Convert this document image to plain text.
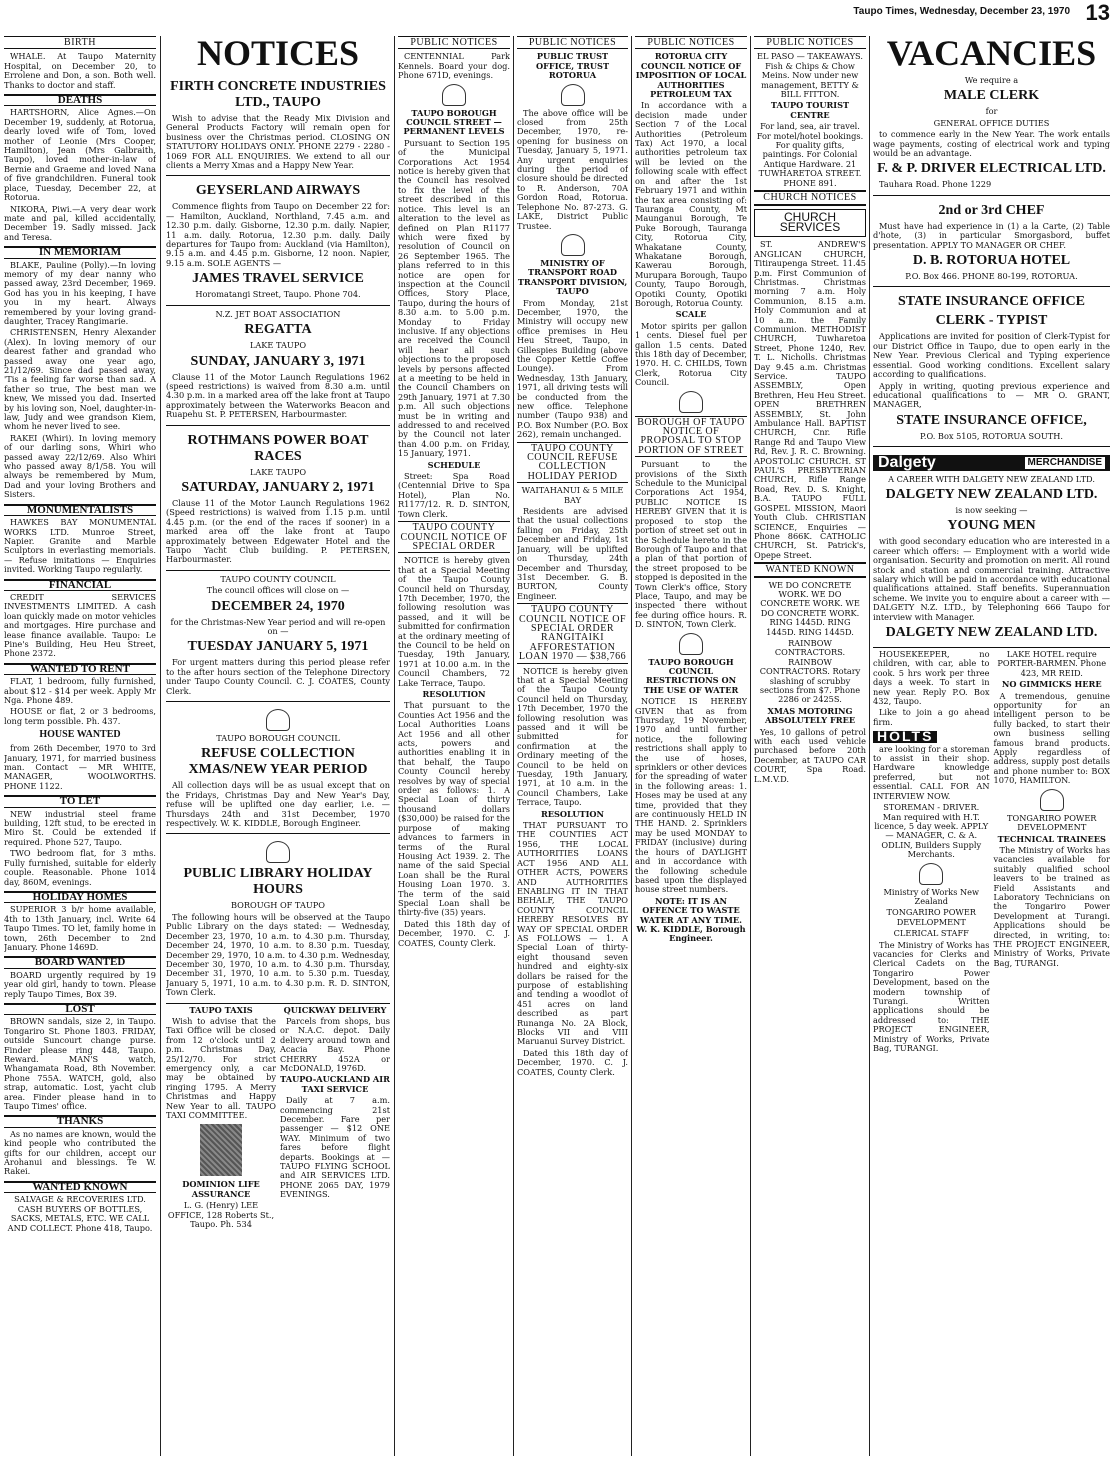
Taupo Times, Wednesday, December 23, 1970 13
BIRTH

WHALE. At Taupo Maternity Hospital, on December 20, to Errolene and Don, a son. Both well. Thanks to doctor and staff.

DEATHS

HARTSHORN, Alice Agnes.—On December 19, suddenly, at Rotorua, dearly loved wife of Tom, loved mother of Leonie (Mrs Cooper, Hamilton), Jean (Mrs Galbraith, Taupo), loved mother-in-law of Bernie and Graeme and loved Nana of five grandchildren. Funeral took place, Tuesday, December 22, at Rotorua.

NIKORA, Piwi.—A very dear work mate and pal, killed accidentally, December 19. Sadly missed. Jack and Teresa.

IN MEMORIAM

BLAKE, Pauline (Polly).—In loving memory of my dear nanny who passed away, 23rd December, 1969. God has you in his keeping, I have you in my heart. Always remembered by your loving grand-daughter, Tracey Rangimarie.

CHRISTENSEN, Henry Alexander (Alex). In loving memory of our dearest father and grandad who passed away one year ago, 21/12/69. Since dad passed away, 'Tis a feeling far worse than sad. A father so true, The best man we knew, We missed you dad. Inserted by his loving son, Noel, daughter-in-law, Judy and wee grandson Kiem, whom he never lived to see.

RAKEI (Whiri). In loving memory of our darling sons, Whiri who passed away 22/12/69. Also Whiri who passed away 8/1/58. You will always be remembered by Mum, Dad and your loving Brothers and Sisters.

MONUMENTALISTS

HAWKES BAY MONUMENTAL WORKS LTD. Munroe Street, Napier. Granite and Marble Sculptors in everlasting memorials. — Refuse imitations — Enquiries invited. Working Taupo regularly.

FINANCIAL

CREDIT SERVICES INVESTMENTS LIMITED. A cash loan quickly made on motor vehicles and mortgages. Hire purchase and lease finance available. Taupo: Le Pine's Building, Heu Heu Street, Phone 2372.

WANTED TO RENT

FLAT, 1 bedroom, fully furnished, about $12 - $14 per week. Apply Mr Nga. Phone 489.

HOUSE or flat, 2 or 3 bedrooms, long term possible. Ph. 437.

HOUSE WANTED

from 26th December, 1970 to 3rd January, 1971, for married business man. Contact — MR WHITE, MANAGER, WOOLWORTHS. PHONE 1122.

TO LET

NEW industrial steel frame building, 12ft stud, to be erected in Miro St. Could be extended if required. Phone 527, Taupo.

TWO bedroom flat, for 3 mths. Fully furnished, suitable for elderly couple. Reasonable. Phone 1014 day, 860M, evenings.

HOLIDAY HOMES

SUPERIOR 3 b/r home available, 4th to 13th January, incl. Write 64 Taupo Times. TO let, family home in town, 26th December to 2nd January. Phone 1469D.

BOARD WANTED

BOARD urgently required by 19 year old girl, handy to town. Please reply Taupo Times, Box 39.

LOST

BROWN sandals, size 2, in Taupo. Tongariro St. Phone 1803. FRIDAY, outside Suncourt change purse. Finder please ring 448, Taupo. Reward. MAN'S watch, Whangamata Road, 8th November. Phone 755A. WATCH, gold, also strap, automatic. Lost, yacht club area. Finder please hand in to Taupo Times' office.

THANKS

As no names are known, would the kind people who contributed the gifts for our children, accept our Arohanui and blessings. Te W. Rakei.

WANTED KNOWN

SALVAGE & RECOVERIES LTD. CASH BUYERS OF BOTTLES, SACKS, METALS, ETC. WE CALL AND COLLECT. Phone 418, Taupo.

NOTICES
FIRTH CONCRETE INDUSTRIES LTD., TAUPO

Wish to advise that the Ready Mix Division and General Products Factory will remain open for business over the Christmas period. CLOSING ON STATUTORY HOLIDAYS ONLY. PHONE 2279 - 2280 - 1069 FOR ALL ENQUIRIES. We extend to all our clients a Merry Xmas and a Happy New Year.

GEYSERLAND AIRWAYS

Commence flights from Taupo on December 22 for: — Hamilton, Auckland, Northland, 7.45 a.m. and 12.30 p.m. daily. Gisborne, 12.30 p.m. daily. Napier, 11 a.m. daily. Rotorua, 12.30 p.m. daily. Daily departures for Taupo from: Auckland (via Hamilton), 9.15 a.m. and 4.45 p.m. Gisborne, 12 noon. Napier, 9.15 a.m. SOLE AGENTS —

JAMES TRAVEL SERVICE

Horomatangi Street, Taupo. Phone 704.

N.Z. JET BOAT ASSOCIATION

REGATTA

LAKE TAUPO

SUNDAY, JANUARY 3, 1971

Clause 11 of the Motor Launch Regulations 1962 (speed restrictions) is waived from 8.30 a.m. until 4.30 p.m. in a marked area off the lake front at Taupo approximately between the Waterworks Beacon and Ruapehu St. P. PETERSEN, Harbourmaster.

ROTHMANS POWER BOAT RACES

LAKE TAUPO

SATURDAY, JANUARY 2, 1971

Clause 11 of the Motor Launch Regulations 1962 (Speed restrictions) is waived from 1.15 p.m. until 4.45 p.m. (or the end of the races if sooner) in a marked area off the lake front at Taupo approximately between Edgewater Hotel and the Taupo Yacht Club building. P. PETERSEN, Harbourmaster.

TAUPO COUNTY COUNCIL

The council offices will close on —

DECEMBER 24, 1970

for the Christmas-New Year period and will re-open on —

TUESDAY JANUARY 5, 1971

For urgent matters during this period please refer to the after hours section of the Telephone Directory under Taupo County Council. C. J. COATES, County Clerk.

TAUPO BOROUGH COUNCIL

REFUSE COLLECTION XMAS/NEW YEAR PERIOD

All collection days will be as usual except that on the Fridays, Christmas Day and New Year's Day, refuse will be uplifted one day earlier, i.e. — Thursdays 24th and 31st December, 1970 respectively. W. K. KIDDLE, Borough Engineer.

PUBLIC LIBRARY HOLIDAY HOURS

BOROUGH OF TAUPO

The following hours will be observed at the Taupo Public Library on the days stated: — Wednesday, December 23, 1970, 10 a.m. to 4.30 p.m. Thursday, December 24, 1970, 10 a.m. to 8.30 p.m. Tuesday, December 29, 1970, 10 a.m. to 4.30 p.m. Wednesday, December 30, 1970, 10 a.m. to 4.30 p.m. Thursday, December 31, 1970, 10 a.m. to 5.30 p.m. Tuesday, January 5, 1971, 10 a.m. to 4.30 p.m. R. D. SINTON, Town Clerk.

TAUPO TAXIS

Wish to advise that the Taxi Office will be closed from 12 o'clock until 2 p.m. Christmas Day, 25/12/70. For strict emergency only, a car may be obtained by ringing 1795. A Merry Christmas and Happy New Year to all. TAUPO TAXI COMMITTEE.

DOMINION LIFE ASSURANCE

L. G. (Henry) LEE OFFICE, 128 Roberts St., Taupo. Ph. 534

QUICKWAY DELIVERY

Parcels from shops, bus or N.A.C. depot. Daily delivery around town and Acacia Bay. Phone CHERRY 452A or McDONALD, 1976D.

TAUPO-AUCKLAND AIR TAXI SERVICE

Daily at 7 a.m. commencing 21st December. Fare per passenger — $12 ONE WAY. Minimum of two fares before flight departs. Bookings at — TAUPO FLYING SCHOOL and AIR SERVICES LTD. PHONE 2065 DAY, 1979 EVENINGS.

PUBLIC NOTICES

CENTENNIAL Park Kennels. Board your dog. Phone 671D, evenings.

TAUPO BOROUGH COUNCIL STREET — PERMANENT LEVELS

Pursuant to Section 195 of the Municipal Corporations Act 1954 notice is hereby given that the Council has resolved to fix the level of the street described in this notice. This level is an alteration to the level as defined on Plan R1177 which were fixed by resolution of Council on 26 September 1965. The plans referred to in this notice are open for inspection at the Council Offices, Story Place, Taupo, during the hours of 8.30 a.m. to 5.00 p.m. Monday to Friday inclusive. If any objections are received the Council will hear all such objections to the proposed levels by persons affected at a meeting to be held in the Council Chambers on 29th January, 1971 at 7.30 p.m. All such objections must be in writing and addressed to and received by the Council not later than 4.00 p.m. on Friday, 15 January, 1971.

SCHEDULE

Street: Spa Road (Centennial Drive to Spa Hotel), Plan No. R1177/12. R. D. SINTON, Town Clerk.

TAUPO COUNTY COUNCIL NOTICE OF SPECIAL ORDER

NOTICE is hereby given that at a Special Meeting of the Taupo County Council held on Thursday, 17th December, 1970, the following resolution was passed, and it will be submitted for confirmation at the ordinary meeting of the Council to be held on Tuesday, 19th January, 1971 at 10.00 a.m. in the Council Chambers, 72 Lake Terrace, Taupo.

RESOLUTION

That pursuant to the Counties Act 1956 and the Local Authorities Loans Act 1956 and all other acts, powers and authorities enabling it in that behalf, the Taupo County Council hereby resolves by way of special order as follows: 1. A Special Loan of thirty thousand dollars ($30,000) be raised for the purpose of making advances to farmers in terms of the Rural Housing Act 1939. 2. The name of the said Special Loan shall be the Rural Housing Loan 1970. 3. The term of the said Special Loan shall be thirty-five (35) years.

Dated this 18th day of December, 1970. C. J. COATES, County Clerk.

PUBLIC NOTICES

PUBLIC TRUST OFFICE, TRUST ROTORUA

The above office will be closed from 25th December, 1970, re-opening for business on Tuesday, January 5, 1971. Any urgent enquiries during the period of closure should be directed to R. Anderson, 70A Gordon Road, Rotorua. Telephone No. 87-273. G. LAKE, District Public Trustee.

MINISTRY OF TRANSPORT ROAD TRANSPORT DIVISION, TAUPO

From Monday, 21st December, 1970, the Ministry will occupy new office premises in Heu Heu Street, Taupo, in Gillespies Building (above the Copper Kettle Coffee Lounge). From Wednesday, 13th January, 1971, all driving tests will be conducted from the new office. Telephone number (Taupo 938) and P.O. Box Number (P.O. Box 262), remain unchanged.

TAUPO COUNTY COUNCIL REFUSE COLLECTION HOLIDAY PERIOD

WAITAHANUI & 5 MILE BAY

Residents are advised that the usual collections falling on Friday, 25th December and Friday, 1st January, will be uplifted on Thursday, 24th December and Thursday, 31st December. G. B. BURTON, County Engineer.

TAUPO COUNTY COUNCIL NOTICE OF SPECIAL ORDER RANGITAIKI AFFORESTATION LOAN 1970 — $38,766

NOTICE is hereby given that at a Special Meeting of the Taupo County Council held on Thursday, 17th December, 1970 the following resolution was passed and it will be submitted for confirmation at the Ordinary meeting of the Council to be held on Tuesday, 19th January, 1971, at 10 a.m. in the Council Chambers, Lake Terrace, Taupo.

RESOLUTION

THAT PURSUANT TO THE COUNTIES ACT 1956, THE LOCAL AUTHORITIES LOANS ACT 1956 AND ALL OTHER ACTS, POWERS AND AUTHORITIES ENABLING IT IN THAT BEHALF, THE TAUPO COUNTY COUNCIL HEREBY RESOLVES BY WAY OF SPECIAL ORDER AS FOLLOWS — 1. A Special Loan of thirty-eight thousand seven hundred and eighty-six dollars be raised for the purpose of establishing and tending a woodlot of 451 acres on land described as part Runanga No. 2A Block, Blocks VII and VIII Maruanui Survey District.

Dated this 18th day of December, 1970. C. J. COATES, County Clerk.

PUBLIC NOTICES

ROTORUA CITY COUNCIL NOTICE OF IMPOSITION OF LOCAL AUTHORITIES PETROLEUM TAX

In accordance with a decision made under Section 7 of the Local Authorities (Petroleum Tax) Act 1970, a local authorities petroleum tax will be levied on the following scale with effect on and after the 1st February 1971 and within the tax area consisting of: Tauranga County, Mt Maunganui Borough, Te Puke Borough, Tauranga City, Rotorua City, Whakatane County, Whakatane Borough, Kawerau Borough, Murupara Borough, Taupo County, Taupo Borough, Opotiki County, Opotiki Borough, Rotorua County.

SCALE

Motor spirits per gallon 1 cents. Diesel fuel per gallon 1.5 cents. Dated this 18th day of December, 1970. H. C. CHILDS, Town Clerk, Rotorua City Council.

BOROUGH OF TAUPO NOTICE OF PROPOSAL TO STOP PORTION OF STREET

Pursuant to the provisions of the Sixth Schedule to the Municipal Corporations Act 1954, PUBLIC NOTICE IS HEREBY GIVEN that it is proposed to stop the portion of street set out in the Schedule hereto in the Borough of Taupo and that a plan of that portion of the street proposed to be stopped is deposited in the Town Clerk's office, Story Place, Taupo, and may be inspected there without fee during office hours. R. D. SINTON, Town Clerk.

TAUPO BOROUGH COUNCIL RESTRICTIONS ON THE USE OF WATER

NOTICE IS HEREBY GIVEN that as from Thursday, 19 November, 1970 and until further notice, the following restrictions shall apply to the use of hoses, sprinklers or other devices for the spreading of water in the following areas: 1. Hoses may be used at any time, provided that they are continuously HELD IN THE HAND. 2. Sprinklers may be used MONDAY to FRIDAY (inclusive) during the hours of DAYLIGHT and in accordance with the following schedule based upon the displayed house street numbers.

NOTE: IT IS AN OFFENCE TO WASTE WATER AT ANY TIME. W. K. KIDDLE, Borough Engineer.

PUBLIC NOTICES

EL PASO — TAKEAWAYS. Fish & Chips & Chow Meins. Now under new management, BETTY & BILL FITTON.

TAUPO TOURIST CENTRE

For land, sea, air travel. For motel/hotel bookings. For quality gifts, paintings. For Colonial Antique Hardware. 21 TUWHARETOA STREET. PHONE 891.

CHURCH NOTICES
CHURCH SERVICES

ST. ANDREW'S ANGLICAN CHURCH, Titiraupenga Street. 11.45 p.m. First Communion of Christmas. Christmas morning 7 a.m. Holy Communion, 8.15 a.m. Holy Communion and at 10 a.m. the Family Communion. METHODIST CHURCH, Tuwharetoa Street, Phone 1240, Rev. T. L. Nicholls. Christmas Day 9.45 a.m. Christmas Service. TAUPO ASSEMBLY, Open Brethren, Heu Heu Street. OPEN BRETHREN ASSEMBLY, St. John Ambulance Hall. BAPTIST CHURCH, Cnr. Rifle Range Rd and Taupo View Rd, Rev. J. R. C. Browning. APOSTOLIC CHURCH. ST PAUL'S PRESBYTERIAN CHURCH, Rifle Range Road, Rev. D. S. Knight, B.A. TAUPO FULL GOSPEL MISSION, Maori Youth Club. CHRISTIAN SCIENCE, Enquiries — Phone 866K. CATHOLIC CHURCH, St. Patrick's, Opepe Street.

WANTED KNOWN

WE DO CONCRETE WORK. WE DO CONCRETE WORK. WE DO CONCRETE WORK. RING 1445D. RING 1445D. RING 1445D.

RAINBOW CONTRACTORS. RAINBOW CONTRACTORS. Rotary slashing of scrubby sections from $7. Phone 2286 or 2425S.

XMAS MOTORING ABSOLUTELY FREE

Yes, 10 gallons of petrol with each used vehicle purchased before 20th December, at TAUPO CAR COURT, Spa Road. L.M.V.D.

VACANCIES

We require a

MALE CLERK

for

GENERAL OFFICE DUTIES

to commence early in the New Year. The work entails wage payments, costing of electrical work and typing would be an advantage.

F. & P. DRIVER ELECTRICAL LTD.

Tauhara Road. Phone 1229

2nd or 3rd CHEF

Must have had experience in (1) a la Carte, (2) Table d'hote, (3) in particular Smorgasbord, buffet presentation. APPLY TO MANAGER OR CHEF.

D. B. ROTORUA HOTEL

P.O. Box 466. PHONE 80-199, ROTORUA.

STATE INSURANCE OFFICE
CLERK - TYPIST

Applications are invited for position of Clerk-Typist for our District Office in Taupo, due to open early in the New Year. Previous Clerical and Typing experience essential. Good working conditions. Excellent salary according to qualifications.

Apply in writing, quoting previous experience and educational qualifications to — MR O. GRANT, MANAGER,

STATE INSURANCE OFFICE,

P.O. Box 5105, ROTORUA SOUTH.

Dalgety	MERCHANDISE

A CAREER WITH DALGETY NEW ZEALAND LTD.

DALGETY NEW ZEALAND LTD.

is now seeking —

YOUNG MEN

with good secondary education who are interested in a career which offers: — Employment with a world wide organisation. Security and promotion on merit. All round stock and station and commercial training. Attractive salary which will be paid in accordance with educational qualifications attained. Staff benefits. Superannuation scheme. We invite you to enquire about a career with — DALGETY N.Z. LTD., by Telephoning 666 Taupo for interview with Manager.

DALGETY NEW ZEALAND LTD.

HOUSEKEEPER, no children, with car, able to cook. 5 hrs work per three days a week. To start in new year. Reply P.O. Box 432, Taupo.

Like to join a go ahead firm.

HOLTS

are looking for a storeman to assist in their shop. Hardware knowledge preferred, but not essential. CALL FOR AN INTERVIEW NOW.

STOREMAN - DRIVER. Man required with H.T. licence, 5 day week. APPLY — MANAGER, C. & A. ODLIN, Builders Supply Merchants.

Ministry of Works New Zealand

TONGARIRO POWER DEVELOPMENT

CLERICAL STAFF

The Ministry of Works has vacancies for Clerks and Clerical Cadets on the Tongariro Power Development, based on the modern township of Turangi. Written applications should be addressed to: THE PROJECT ENGINEER, Ministry of Works, Private Bag, TURANGI.

LAKE HOTEL require PORTER-BARMEN. Phone 423, MR REID.

NO GIMMICKS HERE

A tremendous, genuine opportunity for an intelligent person to be fully backed, to start their own business selling famous brand products. Apply regardless of address, supply post details and phone number to: BOX 1070, HAMILTON.

TONGARIRO POWER DEVELOPMENT

TECHNICAL TRAINEES

The Ministry of Works has vacancies available for suitably qualified school leavers to be trained as Field Assistants and Laboratory Technicians on the Tongariro Power Development at Turangi. Applications should be directed, in writing, to: THE PROJECT ENGINEER, Ministry of Works, Private Bag, TURANGI.
